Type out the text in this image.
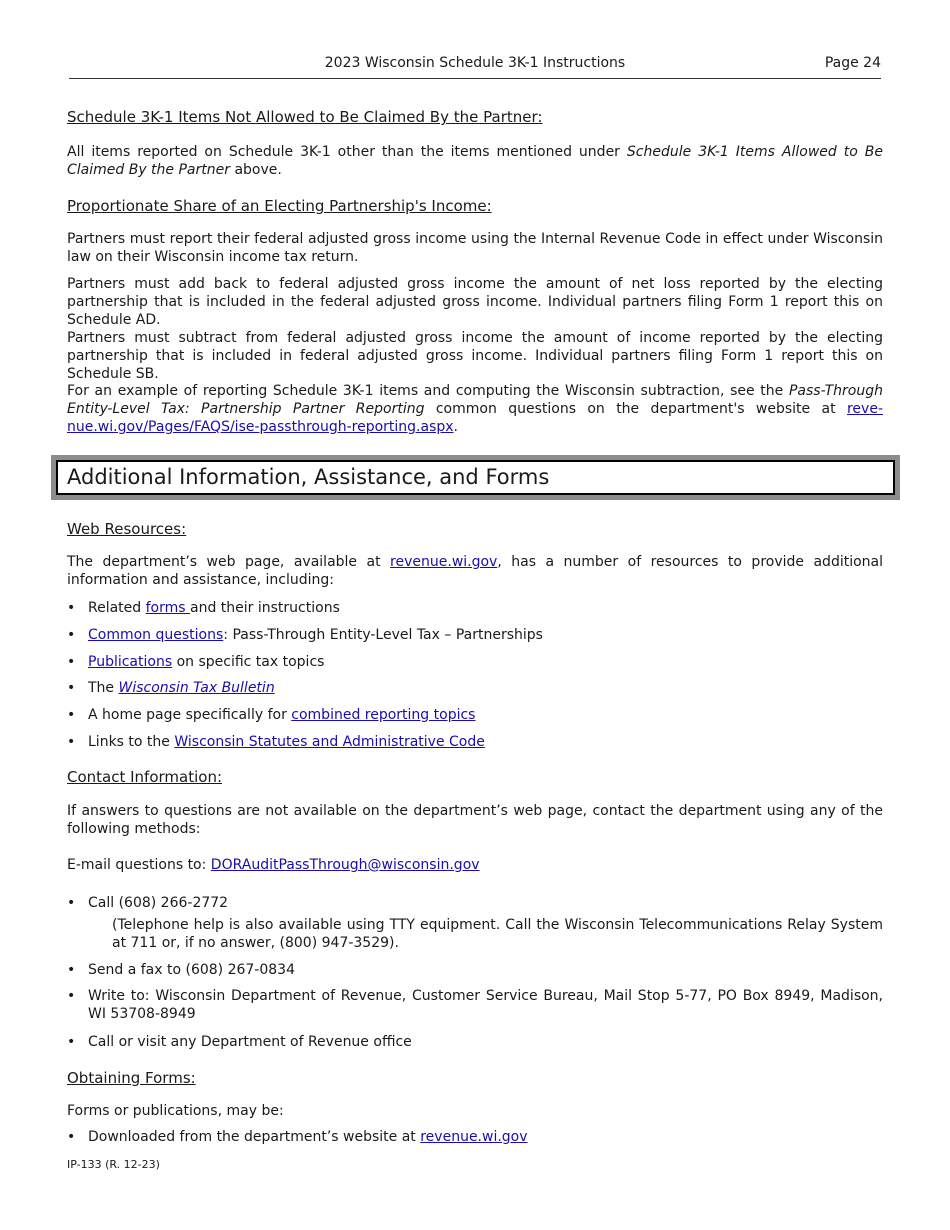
2023 Wisconsin Schedule 3K-1 Instructions	Page 24
Schedule 3K-1 Items Not Allowed to Be Claimed By the Partner:
All items reported on Schedule 3K-1 other than the items mentioned under Schedule 3K-1 Items Allowed to Be Claimed By the Partner above.
Proportionate Share of an Electing Partnership's Income:
Partners must report their federal adjusted gross income using the Internal Revenue Code in effect under Wisconsin law on their Wisconsin income tax return.
Partners must add back to federal adjusted gross income the amount of net loss reported by the electing partnership that is included in the federal adjusted gross income. Individual partners filing Form 1 report this on Schedule AD.
Partners must subtract from federal adjusted gross income the amount of income reported by the electing partnership that is included in federal adjusted gross income. Individual partners filing Form 1 report this on Schedule SB.
For an example of reporting Schedule 3K-1 items and computing the Wisconsin subtraction, see the Pass-Through Entity-Level Tax: Partnership Partner Reporting common questions on the department's website at reve-nue.wi.gov/Pages/FAQS/ise-passthrough-reporting.aspx.
Additional Information, Assistance, and Forms
Web Resources:
The department’s web page, available at revenue.wi.gov, has a number of resources to provide additional information and assistance, including:
• Related forms and their instructions
• Common questions: Pass-Through Entity-Level Tax – Partnerships
• Publications on specific tax topics
• The Wisconsin Tax Bulletin
• A home page specifically for combined reporting topics
• Links to the Wisconsin Statutes and Administrative Code
Contact Information:
If answers to questions are not available on the department’s web page, contact the department using any of the following methods:
E-mail questions to: DORAuditPassThrough@wisconsin.gov
• Call (608) 266-2772
(Telephone help is also available using TTY equipment. Call the Wisconsin Telecommunications Relay System at 711 or, if no answer, (800) 947-3529).
• Send a fax to (608) 267-0834
• Write to: Wisconsin Department of Revenue, Customer Service Bureau, Mail Stop 5-77, PO Box 8949, Madison, WI 53708-8949
• Call or visit any Department of Revenue office
Obtaining Forms:
Forms or publications, may be:
• Downloaded from the department’s website at revenue.wi.gov
IP-133 (R. 12-23)
